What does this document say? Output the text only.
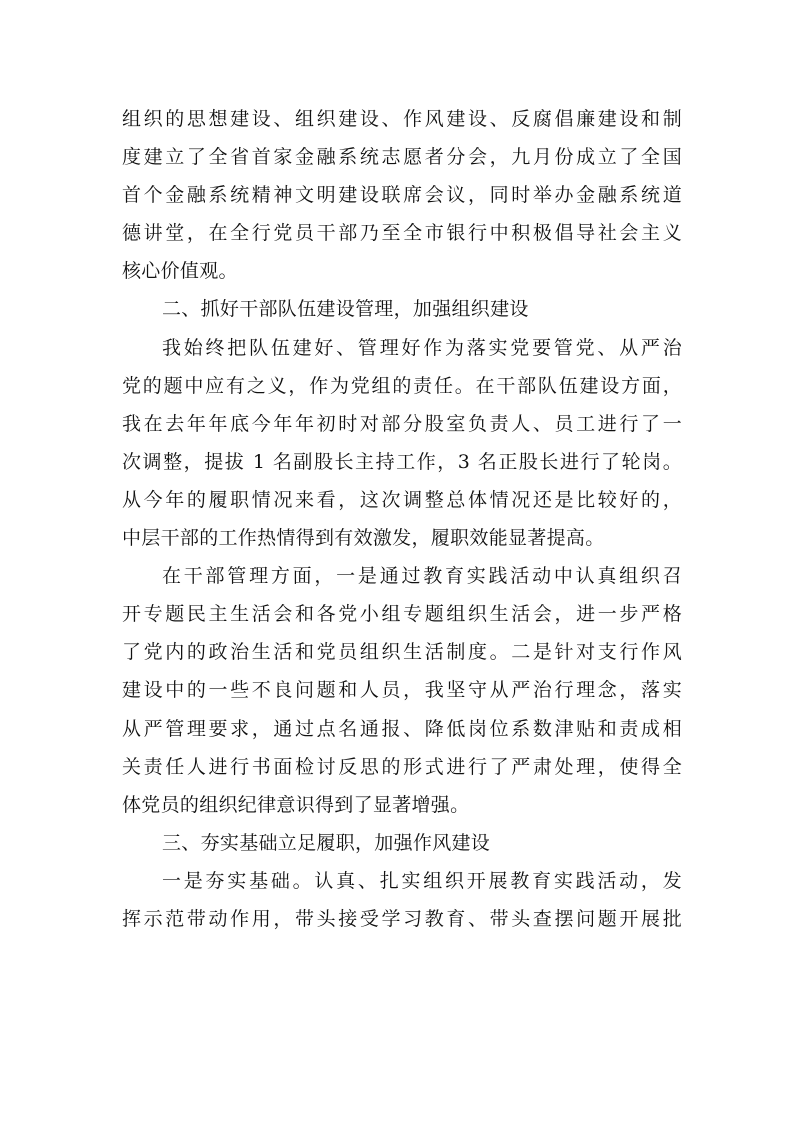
组织的思想建设、组织建设、作风建设、反腐倡廉建设和制
度建立了全省首家金融系统志愿者分会，九月份成立了全国
首个金融系统精神文明建设联席会议，同时举办金融系统道
德讲堂，在全行党员干部乃至全市银行中积极倡导社会主义
核心价值观。
二、抓好干部队伍建设管理，加强组织建设
我始终把队伍建好、管理好作为落实党要管党、从严治
党的题中应有之义，作为党组的责任。在干部队伍建设方面，
我在去年年底今年年初时对部分股室负责人、员工进行了一
次调整，提拔 1 名副股长主持工作，3 名正股长进行了轮岗。
从今年的履职情况来看，这次调整总体情况还是比较好的，
中层干部的工作热情得到有效激发，履职效能显著提高。
在干部管理方面，一是通过教育实践活动中认真组织召
开专题民主生活会和各党小组专题组织生活会，进一步严格
了党内的政治生活和党员组织生活制度。二是针对支行作风
建设中的一些不良问题和人员，我坚守从严治行理念，落实
从严管理要求，通过点名通报、降低岗位系数津贴和责成相
关责任人进行书面检讨反思的形式进行了严肃处理，使得全
体党员的组织纪律意识得到了显著增强。
三、夯实基础立足履职，加强作风建设
一是夯实基础。认真、扎实组织开展教育实践活动，发
挥示范带动作用，带头接受学习教育、带头查摆问题开展批
